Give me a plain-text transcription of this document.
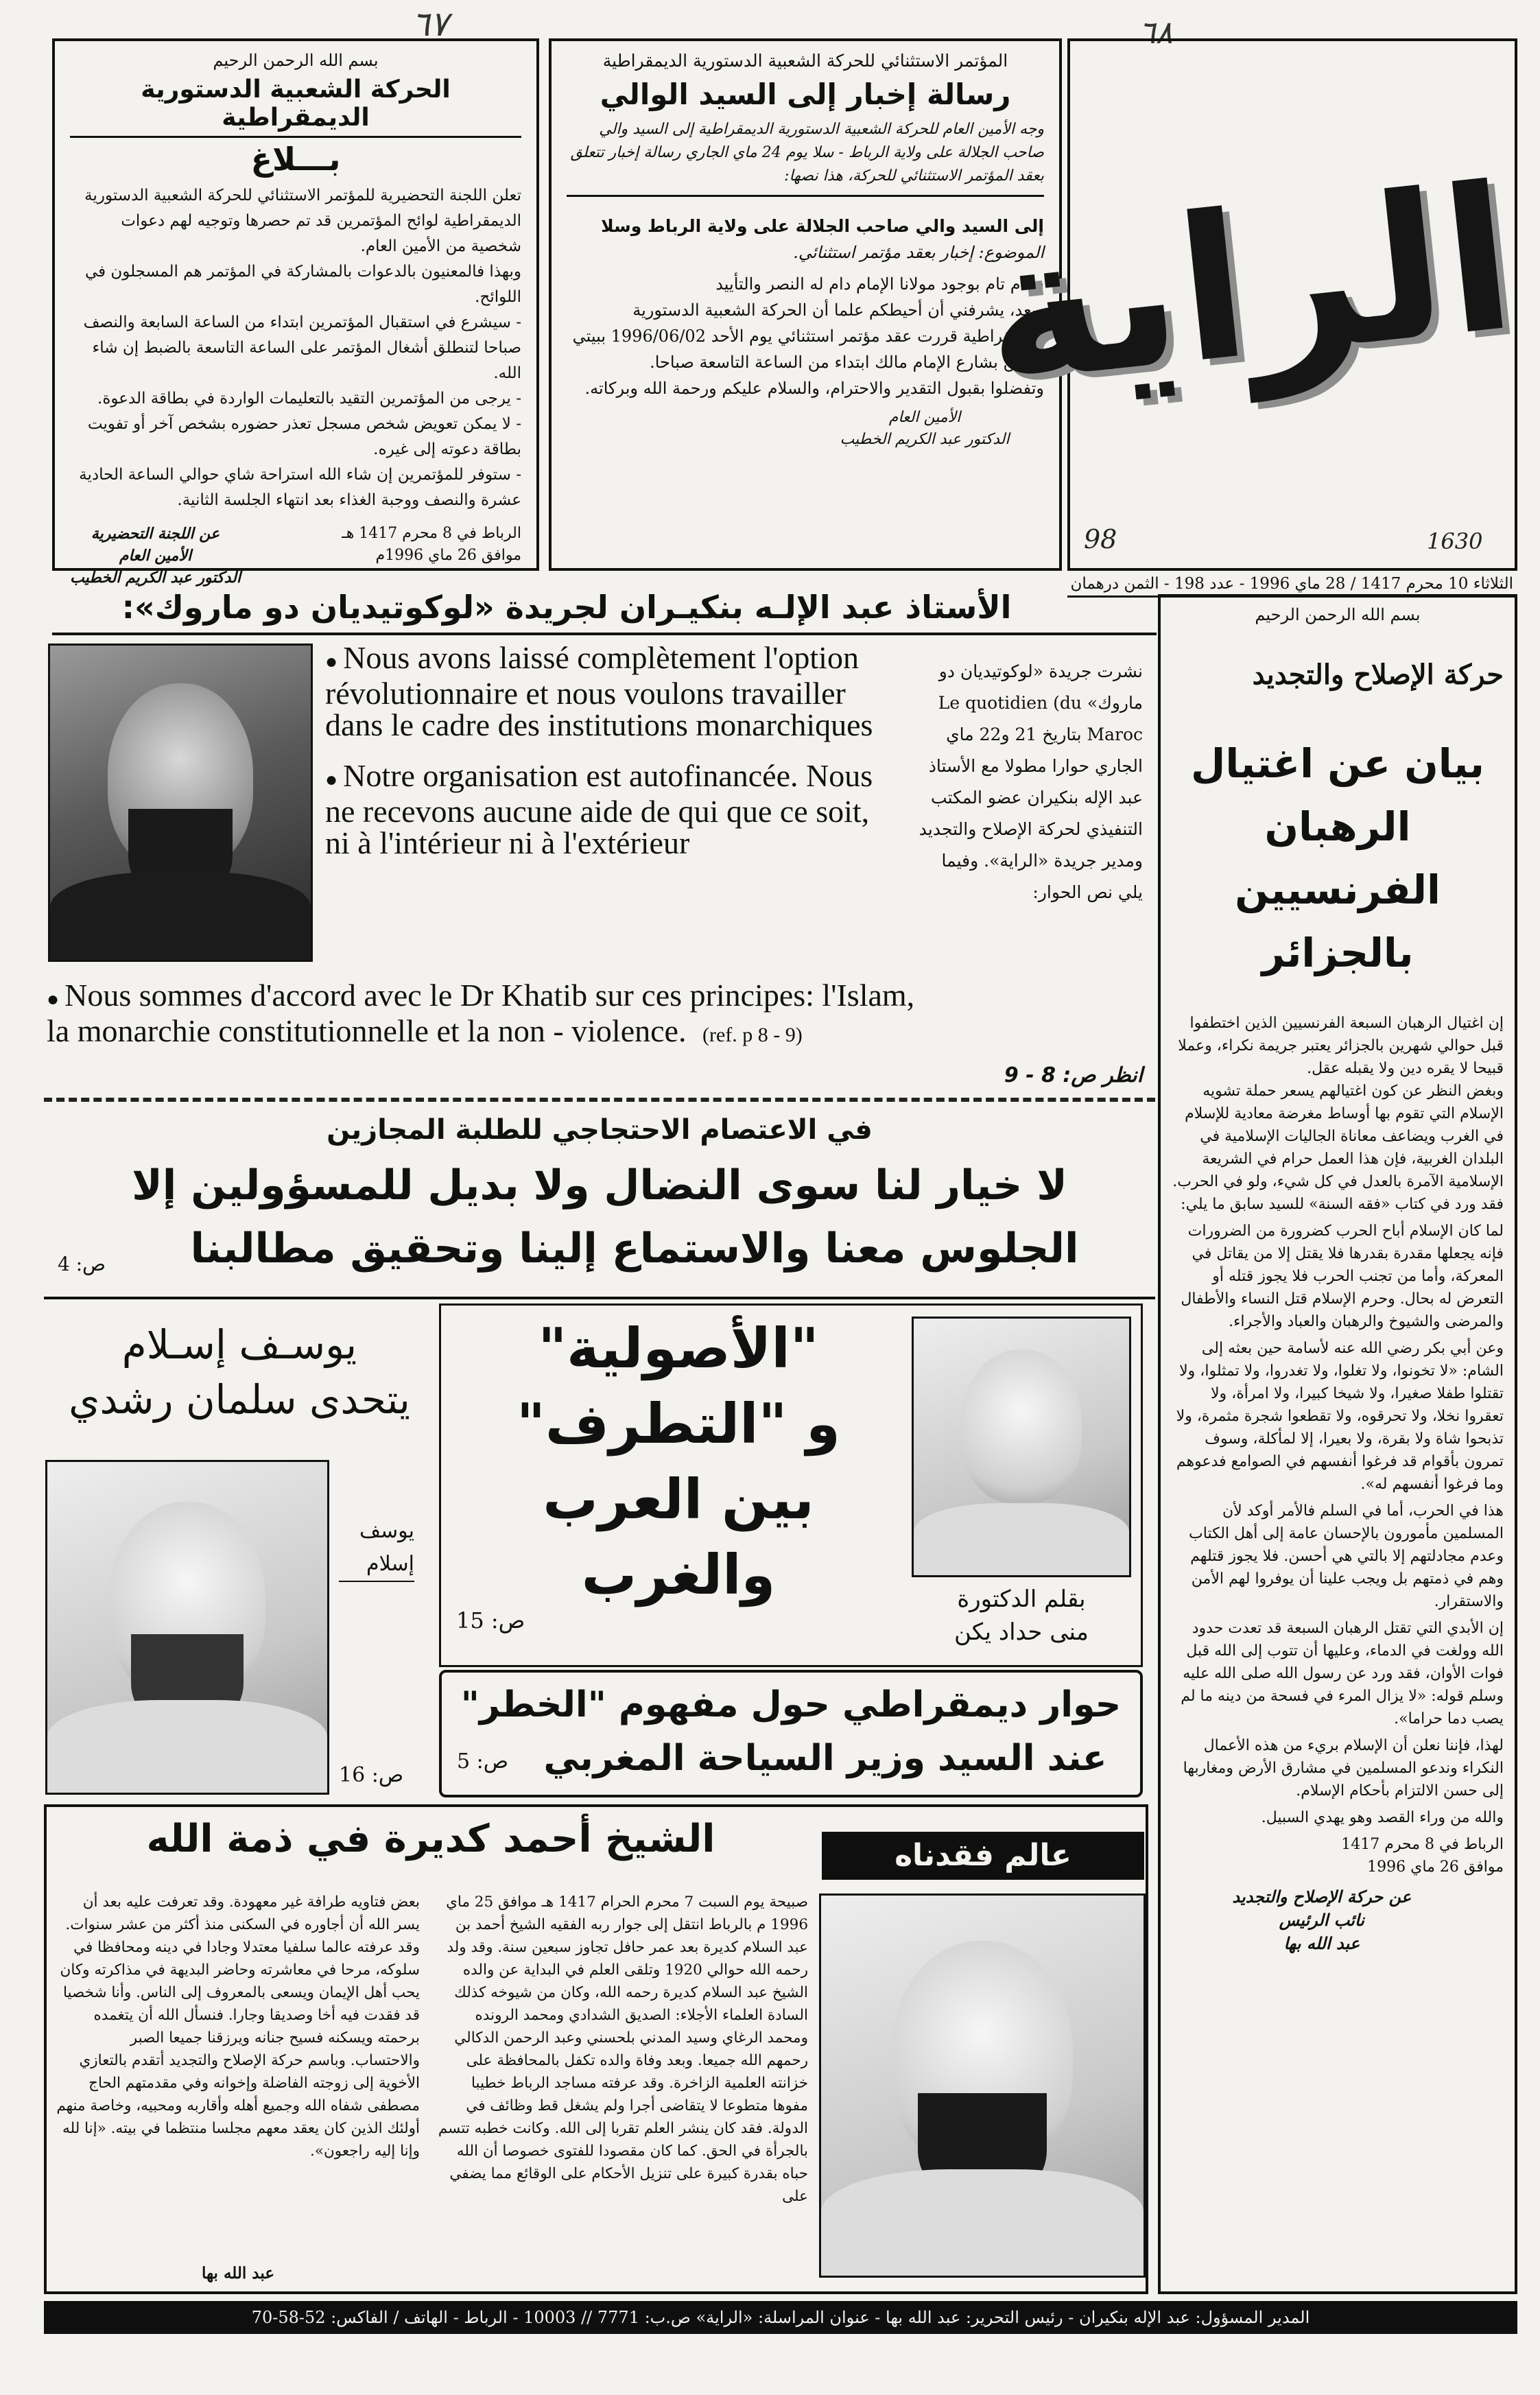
٦٧	٦٨
بسم الله الرحمن الرحيم
الحركة الشعبية الدستورية الديمقراطية
بـــلاغ

تعلن اللجنة التحضيرية للمؤتمر الاستثنائي للحركة الشعبية الدستورية الديمقراطية لوائح المؤتمرين قد تم حصرها وتوجيه لهم دعوات شخصية من الأمين العام.

وبهذا فالمعنيون بالدعوات بالمشاركة في المؤتمر هم المسجلون في اللوائح.

- سيشرع في استقبال المؤتمرين ابتداء من الساعة السابعة والنصف صباحا لتنطلق أشغال المؤتمر على الساعة التاسعة بالضبط إن شاء الله.

- يرجى من المؤتمرين التقيد بالتعليمات الواردة في بطاقة الدعوة.

- لا يمكن تعويض شخص مسجل تعذر حضوره بشخص آخر أو تفويت بطاقة دعوته إلى غيره.

- ستوفر للمؤتمرين إن شاء الله استراحة شاي حوالي الساعة الحادية عشرة والنصف ووجبة الغذاء بعد انتهاء الجلسة الثانية.

الرباط في 8 محرم 1417 هـ
موافق 26 ماي 1996م
عن اللجنة التحضيرية
الأمين العام
الدكتور عبد الكريم الخطيب
المؤتمر الاستثنائي للحركة الشعبية الدستورية الديمقراطية
رسالة إخبار إلى السيد الوالي

وجه الأمين العام للحركة الشعبية الدستورية الديمقراطية إلى السيد والي صاحب الجلالة على ولاية الرباط - سلا يوم 24 ماي الجاري رسالة إخبار تتعلق بعقد المؤتمر الاستثنائي للحركة، هذا نصها:

إلى السيد والي صاحب الجلالة على ولاية الرباط وسلا

الموضوع: إخبار بعقد مؤتمر استثنائي.

سلام تام بوجود مولانا الإمام دام له النصر والتأييد

وبعد، يشرفني أن أحيطكم علما أن الحركة الشعبية الدستورية الديمقراطية قررت عقد مؤتمر استثنائي يوم الأحد 1996/06/02 ببيتي الكائن بشارع الإمام مالك ابتداء من الساعة التاسعة صباحا.

وتفضلوا بقبول التقدير والاحترام، والسلام عليكم ورحمة الله وبركاته.

الأمين العام
الدكتور عبد الكريم الخطيب
الراية
1630
98
الثلاثاء 10 محرم 1417 / 28 ماي 1996 - عدد 198 - الثمن درهمان
الأستاذ عبد الإلـه بنكيـران لجريدة «لوكوتيديان دو ماروك»:

● Nous avons laissé complètement l'option révolutionnaire et nous voulons travailler dans le cadre des institutions monarchiques

● Notre organisation est autofinancée. Nous ne recevons aucune aide de qui que ce soit, ni à l'intérieur ni à l'extérieur

● Nous sommes d'accord avec le Dr Khatib sur ces principes: l'Islam, la monarchie constitutionnelle et la non - violence. (ref. p 8 - 9)
نشرت جريدة «لوكوتيديان دو ماروك» Le quotidien (du Maroc بتاريخ 21 و22 ماي الجاري حوارا مطولا مع الأستاذ عبد الإله بنكيران عضو المكتب التنفيذي لحركة الإصلاح والتجديد ومدير جريدة «الراية». وفيما يلي نص الحوار:
انظر ص: 8 - 9
في الاعتصام الاحتجاجي للطلبة المجازين
لا خيار لنا سوى النضال ولا بديل للمسؤولين إلا
الجلوس معنا والاستماع إلينا وتحقيق مطالبنا
ص: 4
"الأصولية"
و "التطرف"
بين العرب
والغرب
ص: 15
بقلم الدكتورة
منى حداد يكن
يوسـف إسـلام
يتحدى سلمان رشدي
يوسف
إسلام
ص: 16
حوار ديمقراطي حول مفهوم "الخطر"
عند السيد وزير السياحة المغربي
ص: 5
بسم الله الرحمن الرحيم
حركة الإصلاح والتجديد
بيان عن اغتيال
الرهبان الفرنسيين
بالجزائر

إن اغتيال الرهبان السبعة الفرنسيين الذين اختطفوا قبل حوالي شهرين بالجزائر يعتبر جريمة نكراء، وعملا قبيحا لا يقره دين ولا يقبله عقل.

وبغض النظر عن كون اغتيالهم يسعر حملة تشويه الإسلام التي تقوم بها أوساط مغرضة معادية للإسلام في الغرب ويضاعف معاناة الجاليات الإسلامية في البلدان الغربية، فإن هذا العمل حرام في الشريعة الإسلامية الآمرة بالعدل في كل شيء، ولو في الحرب.

فقد ورد في كتاب «فقه السنة» للسيد سابق ما يلي:

لما كان الإسلام أباح الحرب كضرورة من الضرورات فإنه يجعلها مقدرة بقدرها فلا يقتل إلا من يقاتل في المعركة، وأما من تجنب الحرب فلا يجوز قتله أو التعرض له بحال. وحرم الإسلام قتل النساء والأطفال والمرضى والشيوخ والرهبان والعباد والأجراء.

وعن أبي بكر رضي الله عنه لأسامة حين بعثه إلى الشام: «لا تخونوا، ولا تغلوا، ولا تغدروا، ولا تمثلوا، ولا تقتلوا طفلا صغيرا، ولا شيخا كبيرا، ولا امرأة، ولا تعقروا نخلا، ولا تحرقوه، ولا تقطعوا شجرة مثمرة، ولا تذبحوا شاة ولا بقرة، ولا بعيرا، إلا لمأكلة، وسوف تمرون بأقوام قد فرغوا أنفسهم في الصوامع فدعوهم وما فرغوا أنفسهم له».

هذا في الحرب، أما في السلم فالأمر أوكد لأن المسلمين مأمورون بالإحسان عامة إلى أهل الكتاب وعدم مجادلتهم إلا بالتي هي أحسن. فلا يجوز قتلهم وهم في ذمتهم بل ويجب علينا أن يوفروا لهم الأمن والاستقرار.

إن الأبدي التي تقتل الرهبان السبعة قد تعدت حدود الله وولغت في الدماء، وعليها أن تتوب إلى الله قبل فوات الأوان، فقد ورد عن رسول الله صلى الله عليه وسلم قوله: «لا يزال المرء في فسحة من دينه ما لم يصب دما حراما».

لهذا، فإننا نعلن أن الإسلام بريء من هذه الأعمال النكراء وندعو المسلمين في مشارق الأرض ومغاربها إلى حسن الالتزام بأحكام الإسلام.

والله من وراء القصد وهو يهدي السبيل.

الرباط في 8 محرم 1417

موافق 26 ماي 1996

عن حركة الإصلاح والتجديد
نائب الرئيس
عبد الله بها
الشيخ أحمد كديرة في ذمة الله	عالم فقدناه
صبيحة يوم السبت 7 محرم الحرام 1417 هـ موافق 25 ماي 1996 م بالرباط انتقل إلى جوار ربه الفقيه الشيخ أحمد بن عبد السلام كديرة بعد عمر حافل تجاوز سبعين سنة. وقد ولد رحمه الله حوالي 1920 وتلقى العلم في البداية عن والده الشيخ عبد السلام كديرة رحمه الله، وكان من شيوخه كذلك السادة العلماء الأجلاء: الصديق الشدادي ومحمد الرونده ومحمد الرغاي وسيد المدني بلحسني وعبد الرحمن الدكالي رحمهم الله جميعا. وبعد وفاة والده تكفل بالمحافظة على خزانته العلمية الزاخرة. وقد عرفته مساجد الرباط خطيبا مفوها متطوعا لا يتقاضى أجرا ولم يشغل قط وظائف في الدولة. فقد كان ينشر العلم تقربا إلى الله. وكانت خطبه تتسم بالجرأة في الحق. كما كان مقصودا للفتوى خصوصا أن الله حباه بقدرة كبيرة على تنزيل الأحكام على الوقائع مما يضفي على
بعض فتاويه طرافة غير معهودة. وقد تعرفت عليه بعد أن يسر الله أن أجاوره في السكنى منذ أكثر من عشر سنوات. وقد عرفته عالما سلفيا معتدلا وجادا في دينه ومحافظا في سلوكه، مرحا في معاشرته وحاضر البديهة في مذاكرته وكان يحب أهل الإيمان ويسعى بالمعروف إلى الناس. وأنا شخصيا قد فقدت فيه أخا وصديقا وجارا. فنسأل الله أن يتغمده برحمته ويسكنه فسيح جنانه ويرزقنا جميعا الصبر والاحتساب. وباسم حركة الإصلاح والتجديد أتقدم بالتعازي الأخوية إلى زوجته الفاضلة وإخوانه وفي مقدمتهم الحاج مصطفى شفاه الله وجميع أهله وأقاربه ومحبيه، وخاصة منهم أولئك الذين كان يعقد معهم مجلسا منتظما في بيته. «إنا لله وإنا إليه راجعون».
عبد الله بها
المدير المسؤول: عبد الإله بنكيران - رئيس التحرير: عبد الله بها - عنوان المراسلة: «الراية» ص.ب: 7771 // 10003 - الرباط - الهاتف / الفاكس: 52-58-70
